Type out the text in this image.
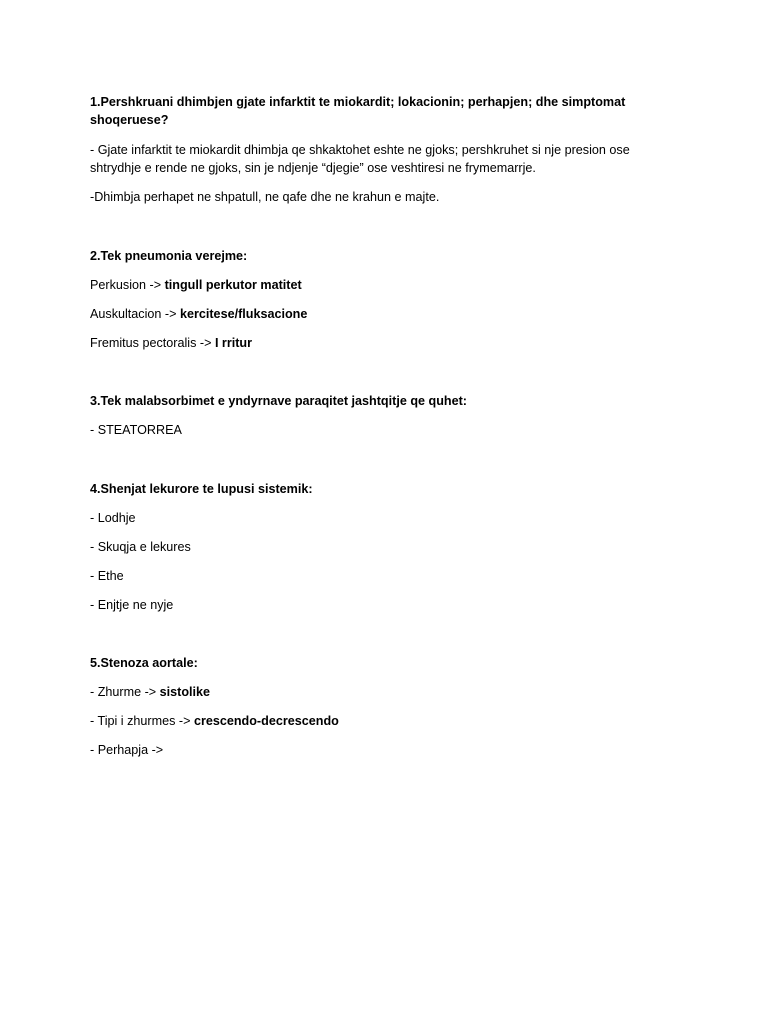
1.Pershkruani dhimbjen gjate infarktit te miokardit; lokacionin; perhapjen; dhe simptomat
shoqeruese?
- Gjate infarktit te miokardit dhimbja qe shkaktohet eshte ne gjoks; pershkruhet si nje presion ose
shtrydhje e rende ne gjoks, sin je ndjenje “djegie” ose veshtiresi ne frymemarrje.
-Dhimbja perhapet ne shpatull, ne qafe dhe ne krahun e majte.
2.Tek pneumonia verejme:
Perkusion -> tingull perkutor matitet
Auskultacion -> kercitese/fluksacione
Fremitus pectoralis -> I rritur
3.Tek malabsorbimet e yndyrnave paraqitet jashtqitje qe quhet:
- STEATORREA
4.Shenjat lekurore te lupusi sistemik:
- Lodhje
- Skuqja e lekures
- Ethe
- Enjtje ne nyje
5.Stenoza aortale:
- Zhurme -> sistolike
- Tipi i zhurmes -> crescendo-decrescendo
- Perhapja ->
